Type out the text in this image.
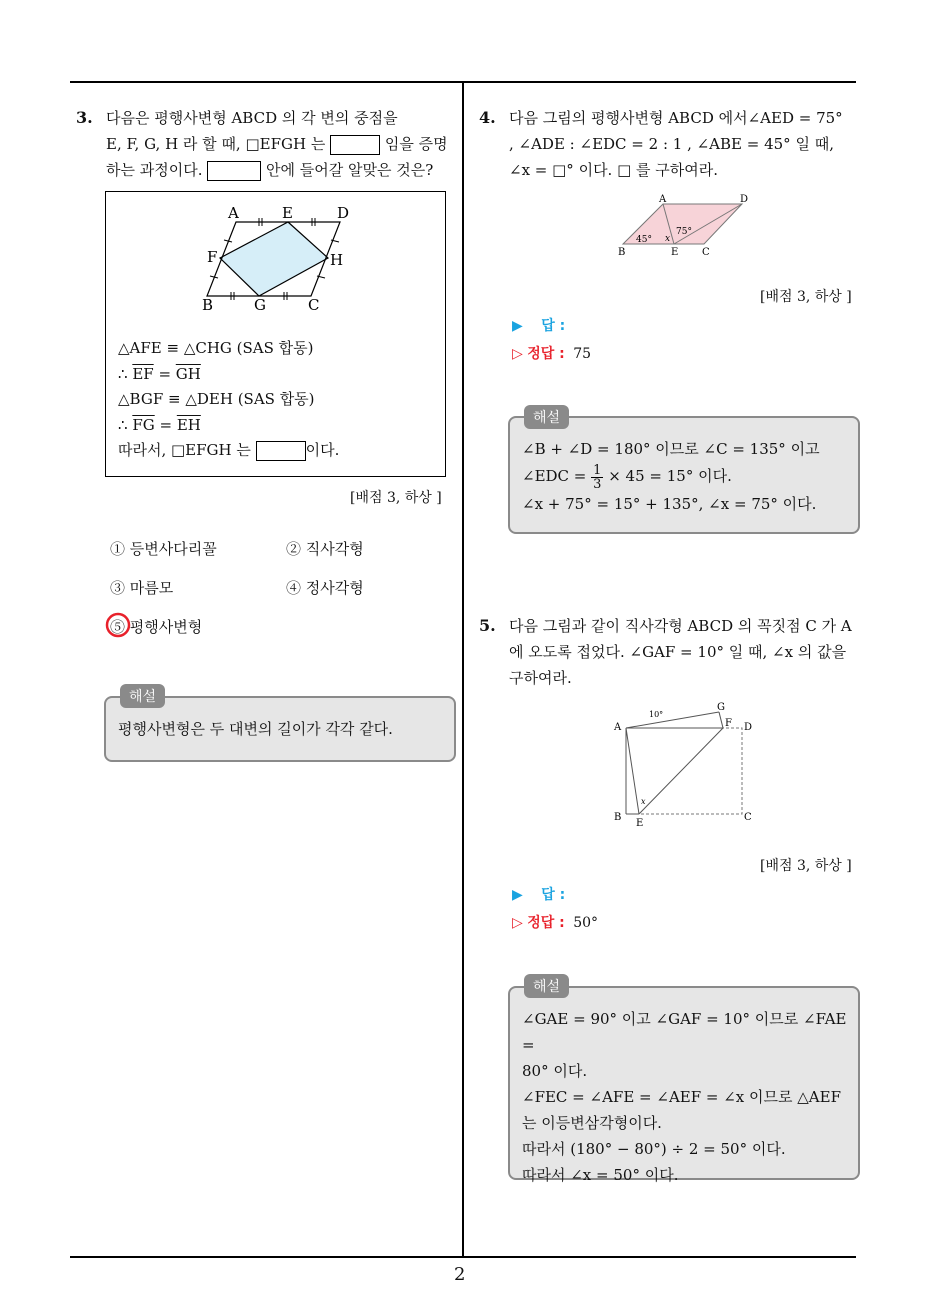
2
3. 다음은 평행사변형 ABCD 의 각 변의 중점을
E, F, G, H 라 할 때, □EFGH 는	임을 증명
하는 과정이다.	안에 들어갈 알맞은 것은?
A	E	D
F	H
B	G	C
△AFE ≡ △CHG (SAS 합동)
∴ $\overline{EF} = \overline{GH}$
△BGF ≡ △DEH (SAS 합동)
∴ $\overline{FG} = \overline{EH}$
따라서, □EFGH 는	이다.
[배점 3, 하상 ]
① 등변사다리꼴	② 직사각형
③ 마름모	④ 정사각형
⑤ 평행사변형
평행사변형은 두 대변의 길이가 각각 같다.
해설
4. 다음 그림의 평행사변형 ABCD 에서∠AED = 75°
, ∠ADE : ∠EDC = 2 : 1 , ∠ABE = 45° 일 때,
∠x = □° 이다. □ 를 구하여라.
A	D
B	E C
45°
75°
x
[배점 3, 하상 ]
▶ 답 :
▷ 정답 : 75
∠B + ∠D = 180° 이므로 ∠C = 135° 이고
∠EDC = $\frac{1}{3} \times 45 = 15^\circ$ 이다.
∠x + 75° = 15° + 135°, ∠x = 75° 이다.
해설
5. 다음 그림과 같이 직사각형 ABCD 의 꼭짓점 C 가 A
에 오도록 접었다. ∠GAF = 10° 일 때, ∠x 의 값을
구하여라.
A
G
F D
B
E
C
10°
x
[배점 3, 하상 ]
▶ 답 :
▷ 정답 : 50°
∠GAE = 90° 이고 ∠GAF = 10° 이므로 ∠FAE =
80° 이다.
∠FEC = ∠AFE = ∠AEF = ∠x 이므로 △AEF
는 이등변삼각형이다.
따라서 (180° − 80°) ÷ 2 = 50° 이다.
따라서 ∠x = 50° 이다.
해설
